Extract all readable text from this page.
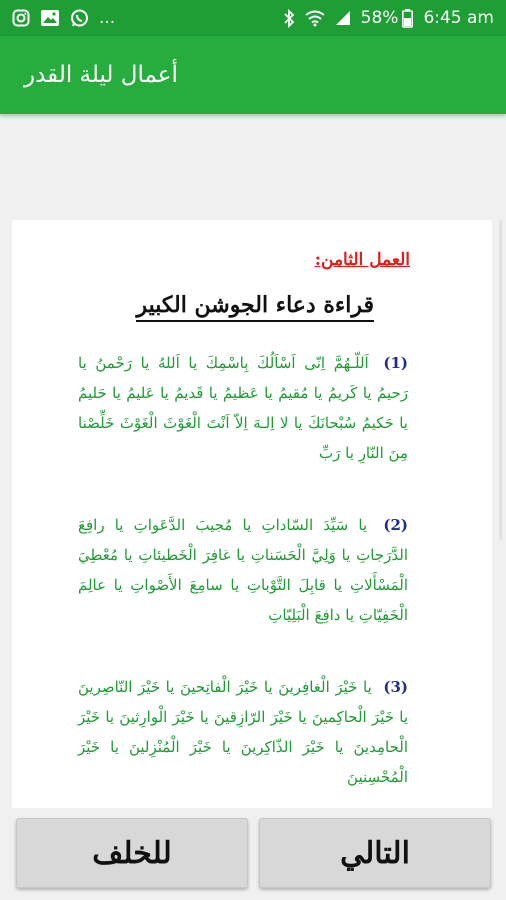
...	58% 6:45 am
أعمال ليلة القدر
العمل الثامن:
قراءة دعاء الجوشن الكبير
(1) اَللّـهُمَّ اِنّى اَسْاَلُكَ بِاسْمِكَ يا اَللهُ يا رَحْمنُ يا رَحيمُ يا كَريمُ يا مُقيمُ يا عَظيمُ يا قَديمُ يا عَليمُ يا حَليمُ يا حَكيمُ سُبْحانَكَ يا لا اِلـهَ اِلاّ اَنْتَ الْغَوْثَ الْغَوْثَ خَلِّصْنا مِنَ النّارِ يا رَبِّ
(2) يا سَيِّدَ السّاداتِ يا مُجيبَ الدَّعَواتِ يا رافِعَ الدَّرَجاتِ يا وَلِيَّ الْحَسَناتِ يا غافِرَ الْخَطيئاتِ يا مُعْطِيَ الْمَسْأَلاتِ يا قابِلَ التَّوْباتِ يا سامِعَ الأَصْواتِ يا عالِمَ الْخَفِيّاتِ يا دافِعَ الْبَلِيّاتِ
(3) يا خَيْرَ الْغافِرينَ يا خَيْرَ الْفاتِحينَ يا خَيْرَ النّاصِرينَ يا خَيْرَ الْحاكِمينَ يا خَيْرَ الرّازِقينَ يا خَيْرَ الْوارِثينَ يا خَيْرَ الْحامِدينَ يا خَيْرَ الذّاكِرينَ يا خَيْرَ الْمُنْزِلينَ يا خَيْرَ الْمُحْسِنينَ
للخلف	التالي
